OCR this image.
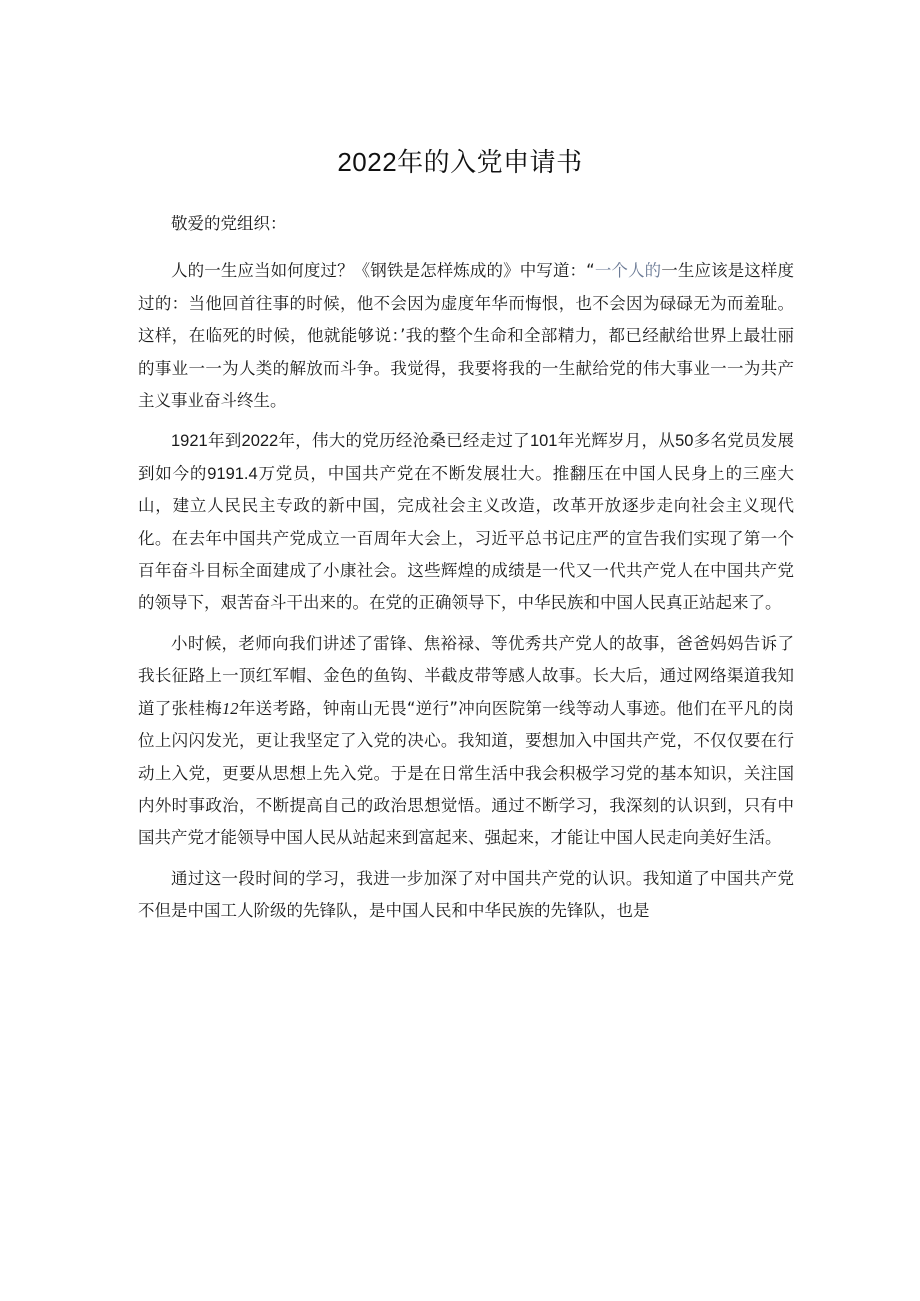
2022年的入党申请书

敬爱的党组织：

人的一生应当如何度过？《钢铁是怎样炼成的》中写道：“一个人的一生应该是这样度过的：当他回首往事的时候，他不会因为虚度年华而悔恨，也不会因为碌碌无为而羞耻。这样，在临死的时候，他就能够说：’我的整个生命和全部精力，都已经献给世界上最壮丽的事业一一为人类的解放而斗争。我觉得，我要将我的一生献给党的伟大事业一一为共产主义事业奋斗终生。

1921年到2022年，伟大的党历经沧桑已经走过了101年光辉岁月，从50多名党员发展到如今的9191.4万党员，中国共产党在不断发展壮大。推翻压在中国人民身上的三座大山，建立人民民主专政的新中国，完成社会主义改造，改革开放逐步走向社会主义现代化。在去年中国共产党成立一百周年大会上，习近平总书记庄严的宣告我们实现了第一个百年奋斗目标全面建成了小康社会。这些辉煌的成绩是一代又一代共产党人在中国共产党的领导下，艰苦奋斗干出来的。在党的正确领导下，中华民族和中国人民真正站起来了。

小时候，老师向我们讲述了雷锋、焦裕禄、等优秀共产党人的故事，爸爸妈妈告诉了我长征路上一顶红军帽、金色的鱼钩、半截皮带等感人故事。长大后，通过网络渠道我知道了张桂梅12年送考路，钟南山无畏“逆行”冲向医院第一线等动人事迹。他们在平凡的岗位上闪闪发光，更让我坚定了入党的决心。我知道，要想加入中国共产党，不仅仅要在行动上入党，更要从思想上先入党。于是在日常生活中我会积极学习党的基本知识，关注国内外时事政治，不断提高自己的政治思想觉悟。通过不断学习，我深刻的认识到，只有中国共产党才能领导中国人民从站起来到富起来、强起来，才能让中国人民走向美好生活。

通过这一段时间的学习，我进一步加深了对中国共产党的认识。我知道了中国共产党不但是中国工人阶级的先锋队，是中国人民和中华民族的先锋队，也是
